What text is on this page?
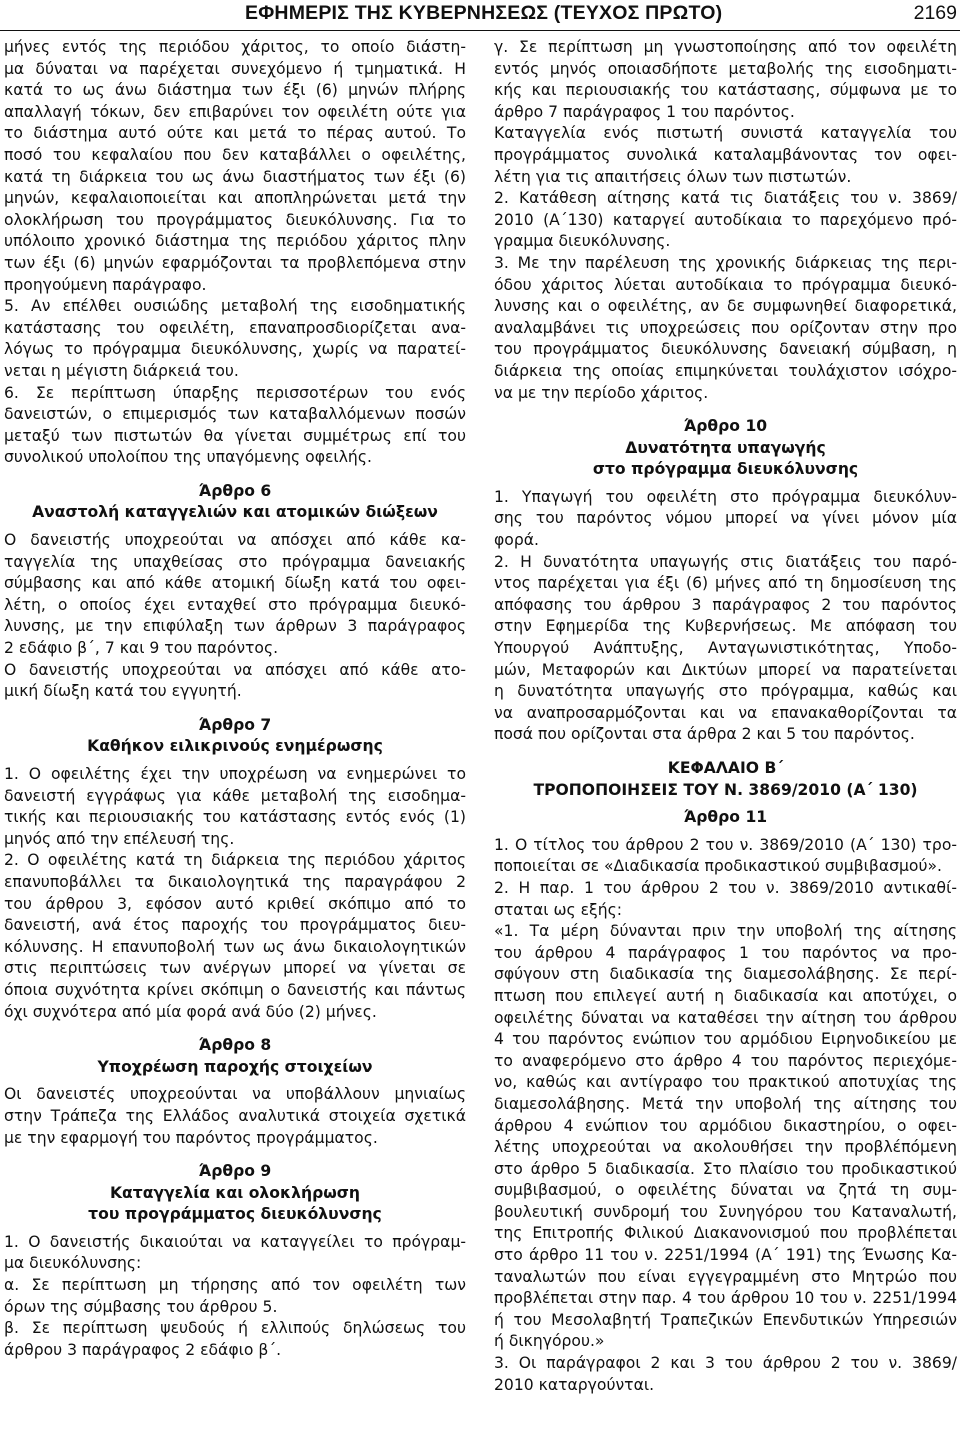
ΕΦΗΜΕΡΙΣ ΤΗΣ ΚΥΒΕΡΝΗΣΕΩΣ (ΤΕΥΧΟΣ ΠΡΩΤΟ)	2169
μήνες εντός της περιόδου χάριτος, το οποίο διάστη-
μα δύναται να παρέχεται συνεχόμενο ή τμηματικά. Η
κατά το ως άνω διάστημα των έξι (6) μηνών πλήρης
απαλλαγή τόκων, δεν επιβαρύνει τον οφειλέτη ούτε για
το διάστημα αυτό ούτε και μετά το πέρας αυτού. Το
ποσό του κεφαλαίου που δεν καταβάλλει ο οφειλέτης,
κατά τη διάρκεια του ως άνω διαστήματος των έξι (6)
μηνών, κεφαλαιοποιείται και αποπληρώνεται μετά την
ολοκλήρωση του προγράμματος διευκόλυνσης. Για το
υπόλοιπο χρονικό διάστημα της περιόδου χάριτος πλην
των έξι (6) μηνών εφαρμόζονται τα προβλεπόμενα στην
προηγούμενη παράγραφο.
5. Αν επέλθει ουσιώδης μεταβολή της εισοδηματικής
κατάστασης του οφειλέτη, επαναπροσδιορίζεται ανα-
λόγως το πρόγραμμα διευκόλυνσης, χωρίς να παρατεί-
νεται η μέγιστη διάρκειά του.
6. Σε περίπτωση ύπαρξης περισσοτέρων του ενός
δανειστών, ο επιμερισμός των καταβαλλόμενων ποσών
μεταξύ των πιστωτών θα γίνεται συμμέτρως επί του
συνολικού υπολοίπου της υπαγόμενης οφειλής.
Άρθρο 6
Αναστολή καταγγελιών και ατομικών διώξεων
Ο δανειστής υποχρεούται να απόσχει από κάθε κα-
ταγγελία της υπαχθείσας στο πρόγραμμα δανειακής
σύμβασης και από κάθε ατομική δίωξη κατά του οφει-
λέτη, ο οποίος έχει ενταχθεί στο πρόγραμμα διευκό-
λυνσης, με την επιφύλαξη των άρθρων 3 παράγραφος
2 εδάφιο β΄, 7 και 9 του παρόντος.
Ο δανειστής υποχρεούται να απόσχει από κάθε ατο-
μική δίωξη κατά του εγγυητή.
Άρθρο 7
Καθήκον ειλικρινούς ενημέρωσης
1. Ο οφειλέτης έχει την υποχρέωση να ενημερώνει το
δανειστή εγγράφως για κάθε μεταβολή της εισοδημα-
τικής και περιουσιακής του κατάστασης εντός ενός (1)
μηνός από την επέλευσή της.
2. Ο οφειλέτης κατά τη διάρκεια της περιόδου χάριτος
επανυποβάλλει τα δικαιολογητικά της παραγράφου 2
του άρθρου 3, εφόσον αυτό κριθεί σκόπιμο από το
δανειστή, ανά έτος παροχής του προγράμματος διευ-
κόλυνσης. Η επανυποβολή των ως άνω δικαιολογητικών
στις περιπτώσεις των ανέργων μπορεί να γίνεται σε
όποια συχνότητα κρίνει σκόπιμη ο δανειστής και πάντως
όχι συχνότερα από μία φορά ανά δύο (2) μήνες.
Άρθρο 8
Υποχρέωση παροχής στοιχείων
Οι δανειστές υποχρεούνται να υποβάλλουν μηνιαίως
στην Τράπεζα της Ελλάδος αναλυτικά στοιχεία σχετικά
με την εφαρμογή του παρόντος προγράμματος.
Άρθρο 9
Καταγγελία και ολοκλήρωση
του προγράμματος διευκόλυνσης
1. Ο δανειστής δικαιούται να καταγγείλει το πρόγραμ-
μα διευκόλυνσης:
α. Σε περίπτωση μη τήρησης από τον οφειλέτη των
όρων της σύμβασης του άρθρου 5.
β. Σε περίπτωση ψευδούς ή ελλιπούς δηλώσεως του
άρθρου 3 παράγραφος 2 εδάφιο β΄.
γ. Σε περίπτωση μη γνωστοποίησης από τον οφειλέτη
εντός μηνός οποιασδήποτε μεταβολής της εισοδηματι-
κής και περιουσιακής του κατάστασης, σύμφωνα με το
άρθρο 7 παράγραφος 1 του παρόντος.
Καταγγελία ενός πιστωτή συνιστά καταγγελία του
προγράμματος συνολικά καταλαμβάνοντας τον οφει-
λέτη για τις απαιτήσεις όλων των πιστωτών.
2. Κατάθεση αίτησης κατά τις διατάξεις του ν. 3869/
2010 (Α΄130) καταργεί αυτοδίκαια το παρεχόμενο πρό-
γραμμα διευκόλυνσης.
3. Με την παρέλευση της χρονικής διάρκειας της περι-
όδου χάριτος λύεται αυτοδίκαια το πρόγραμμα διευκό-
λυνσης και ο οφειλέτης, αν δε συμφωνηθεί διαφορετικά,
αναλαμβάνει τις υποχρεώσεις που ορίζονταν στην προ
του προγράμματος διευκόλυνσης δανειακή σύμβαση, η
διάρκεια της οποίας επιμηκύνεται τουλάχιστον ισόχρο-
να με την περίοδο χάριτος.
Άρθρο 10
Δυνατότητα υπαγωγής
στο πρόγραμμα διευκόλυνσης
1. Υπαγωγή του οφειλέτη στο πρόγραμμα διευκόλυν-
σης του παρόντος νόμου μπορεί να γίνει μόνον μία
φορά.
2. Η δυνατότητα υπαγωγής στις διατάξεις του παρό-
ντος παρέχεται για έξι (6) μήνες από τη δημοσίευση της
απόφασης του άρθρου 3 παράγραφος 2 του παρόντος
στην Εφημερίδα της Κυβερνήσεως. Με απόφαση του
Υπουργού Ανάπτυξης, Ανταγωνιστικότητας, Υποδο-
μών, Μεταφορών και Δικτύων μπορεί να παρατείνεται
η δυνατότητα υπαγωγής στο πρόγραμμα, καθώς και
να αναπροσαρμόζονται και να επανακαθορίζονται τα
ποσά που ορίζονται στα άρθρα 2 και 5 του παρόντος.
ΚΕΦΑΛΑΙΟ Β΄
ΤΡΟΠΟΠΟΙΗΣΕΙΣ ΤΟΥ Ν. 3869/2010 (Α΄ 130)
Άρθρο 11
1. Ο τίτλος του άρθρου 2 του ν. 3869/2010 (Α΄ 130) τρο-
ποποιείται σε «Διαδικασία προδικαστικού συμβιβασμού».
2. Η παρ. 1 του άρθρου 2 του ν. 3869/2010 αντικαθί-
σταται ως εξής:
«1. Τα μέρη δύνανται πριν την υποβολή της αίτησης
του άρθρου 4 παράγραφος 1 του παρόντος να προ-
σφύγουν στη διαδικασία της διαμεσολάβησης. Σε περί-
πτωση που επιλεγεί αυτή η διαδικασία και αποτύχει, ο
οφειλέτης δύναται να καταθέσει την αίτηση του άρθρου
4 του παρόντος ενώπιον του αρμόδιου Ειρηνοδικείου με
το αναφερόμενο στο άρθρο 4 του παρόντος περιεχόμε-
νο, καθώς και αντίγραφο του πρακτικού αποτυχίας της
διαμεσολάβησης. Μετά την υποβολή της αίτησης του
άρθρου 4 ενώπιον του αρμόδιου δικαστηρίου, ο οφει-
λέτης υποχρεούται να ακολουθήσει την προβλέπόμενη
στο άρθρο 5 διαδικασία. Στο πλαίσιο του προδικαστικού
συμβιβασμού, ο οφειλέτης δύναται να ζητά τη συμ-
βουλευτική συνδρομή του Συνηγόρου του Καταναλωτή,
της Επιτροπής Φιλικού Διακανονισμού που προβλέπεται
στο άρθρο 11 του ν. 2251/1994 (Α΄ 191) της Ένωσης Κα-
ταναλωτών που είναι εγγεγραμμένη στο Μητρώο που
προβλέπεται στην παρ. 4 του άρθρου 10 του ν. 2251/1994
ή του Μεσολαβητή Τραπεζικών Επενδυτικών Υπηρεσιών
ή δικηγόρου.»
3. Οι παράγραφοι 2 και 3 του άρθρου 2 του ν. 3869/
2010 καταργούνται.
